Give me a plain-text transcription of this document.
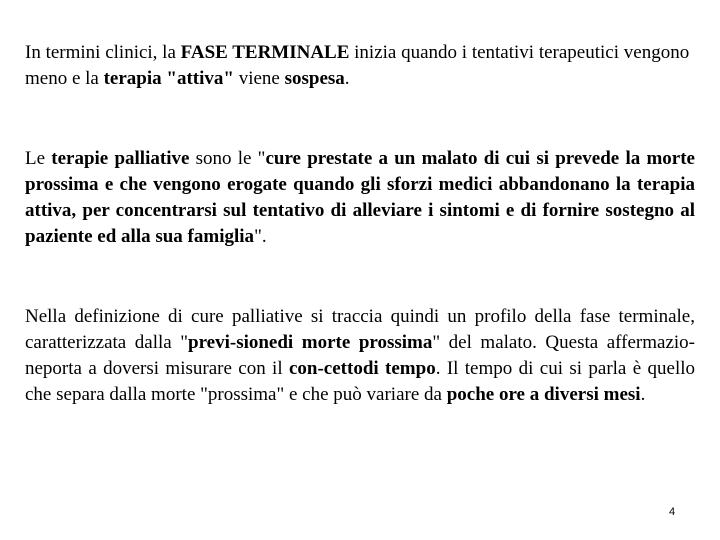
In termini clinici, la FASE TERMINALE inizia quando i tentativi terapeutici vengono meno e la terapia "attiva" viene sospesa.

Le terapie palliative sono le "cure prestate a un malato di cui si prevede la morte prossima e che vengono erogate quando gli sforzi medici abbandonano la terapia attiva, per concentrarsi sul tentativo di alleviare i sintomi e di fornire sostegno al paziente ed alla sua famiglia".

Nella definizione di cure palliative si traccia quindi un profilo della fase terminale, caratterizzata dalla "previ-sionedi morte prossima" del malato. Questa affermazio-neporta a doversi misurare con il con-cettodi tempo. Il tempo di cui si parla è quello che separa dalla morte "prossima" e che può variare da poche ore a diversi mesi.

4
